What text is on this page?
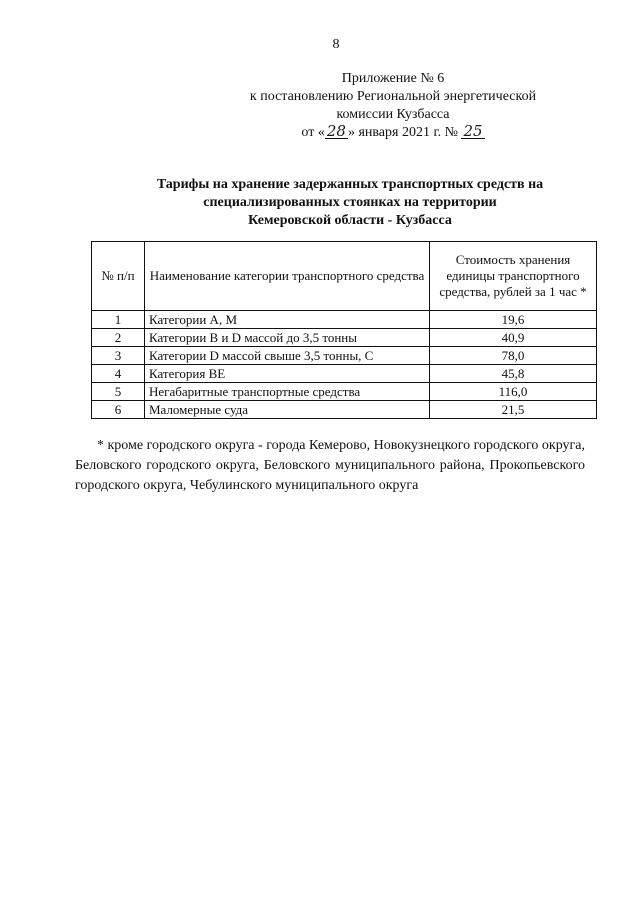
8
Приложение № 6
к постановлению Региональной энергетической
комиссии Кузбасса
от « 28 » января 2021 г. № 25
Тарифы на хранение задержанных транспортных средств на
специализированных стоянках на территории
Кемеровской области - Кузбасса
№ п/п	Наименование категории транспортного средства	Стоимость хранения единицы транспортного средства, рублей за 1 час *
1	Категории А, М	19,6
2	Категории В и D массой до 3,5 тонны	40,9
3	Категории D массой свыше 3,5 тонны, С	78,0
4	Категория ВЕ	45,8
5	Негабаритные транспортные средства	116,0
6	Маломерные суда	21,5
* кроме городского округа - города Кемерово, Новокузнецкого городского округа, Беловского городского округа, Беловского муниципального района, Прокопьевского городского округа, Чебулинского муниципального округа
